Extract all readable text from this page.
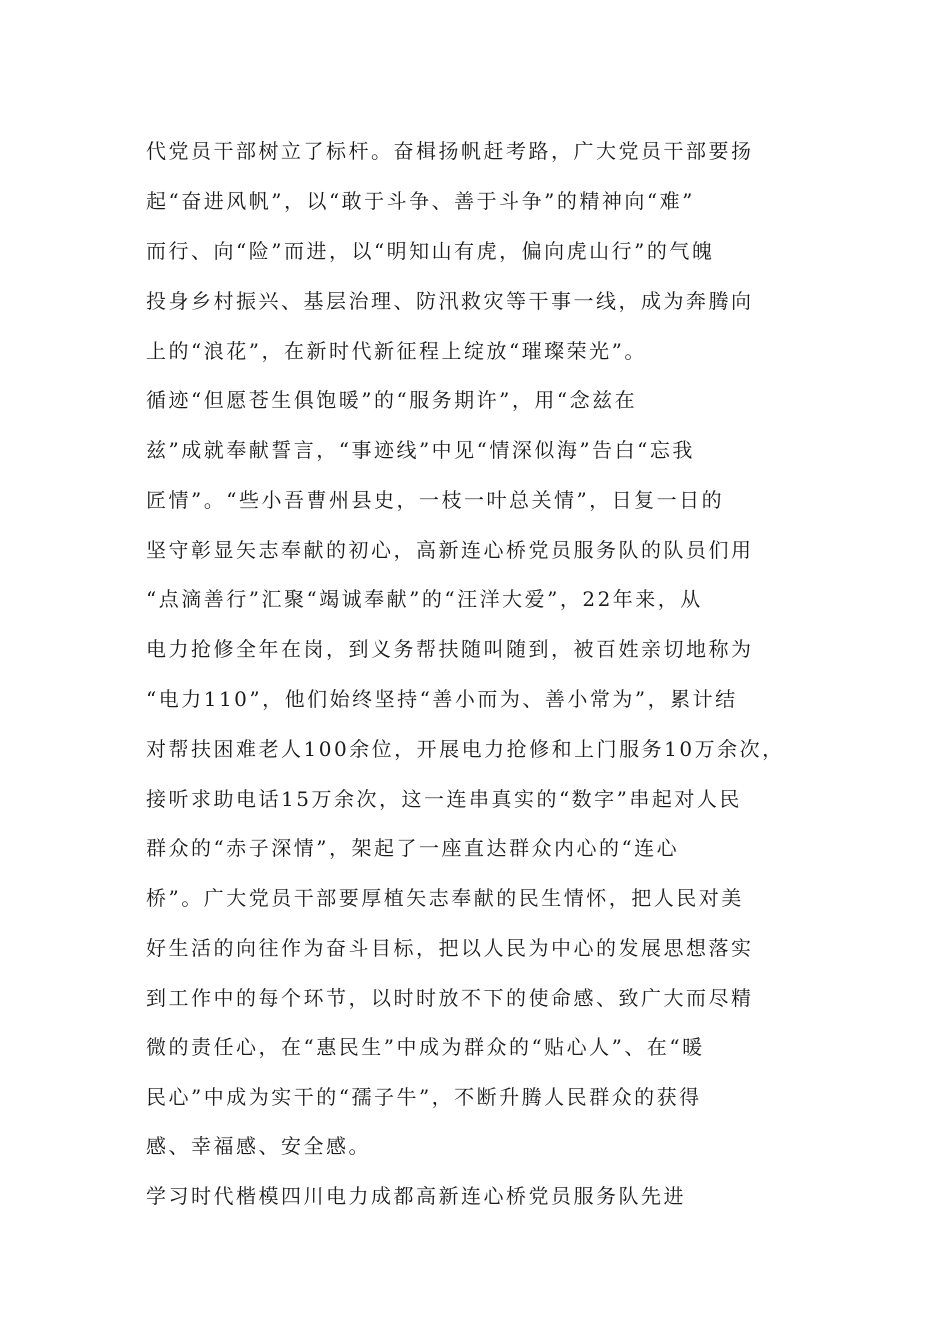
代党员干部树立了标杆。奋楫扬帆赶考路，广大党员干部要扬

起“奋进风帆”，以“敢于斗争、善于斗争”的精神向“难”

而行、向“险”而进，以“明知山有虎，偏向虎山行”的气魄

投身乡村振兴、基层治理、防汛救灾等干事一线，成为奔腾向

上的“浪花”，在新时代新征程上绽放“璀璨荣光”。

循迹“但愿苍生俱饱暖”的“服务期许”，用“念兹在

兹”成就奉献誓言，“事迹线”中见“情深似海”告白“忘我

匠情”。“些小吾曹州县史，一枝一叶总关情”，日复一日的

坚守彰显矢志奉献的初心，高新连心桥党员服务队的队员们用

“点滴善行”汇聚“竭诚奉献”的“汪洋大爱”，22年来，从

电力抢修全年在岗，到义务帮扶随叫随到，被百姓亲切地称为

“电力110”，他们始终坚持“善小而为、善小常为”，累计结

对帮扶困难老人100余位，开展电力抢修和上门服务10万余次，

接听求助电话15万余次，这一连串真实的“数字”串起对人民

群众的“赤子深情”，架起了一座直达群众内心的“连心

桥”。广大党员干部要厚植矢志奉献的民生情怀，把人民对美

好生活的向往作为奋斗目标，把以人民为中心的发展思想落实

到工作中的每个环节，以时时放不下的使命感、致广大而尽精

微的责任心，在“惠民生”中成为群众的“贴心人”、在“暖

民心”中成为实干的“孺子牛”，不断升腾人民群众的获得

感、幸福感、安全感。

学习时代楷模四川电力成都高新连心桥党员服务队先进
